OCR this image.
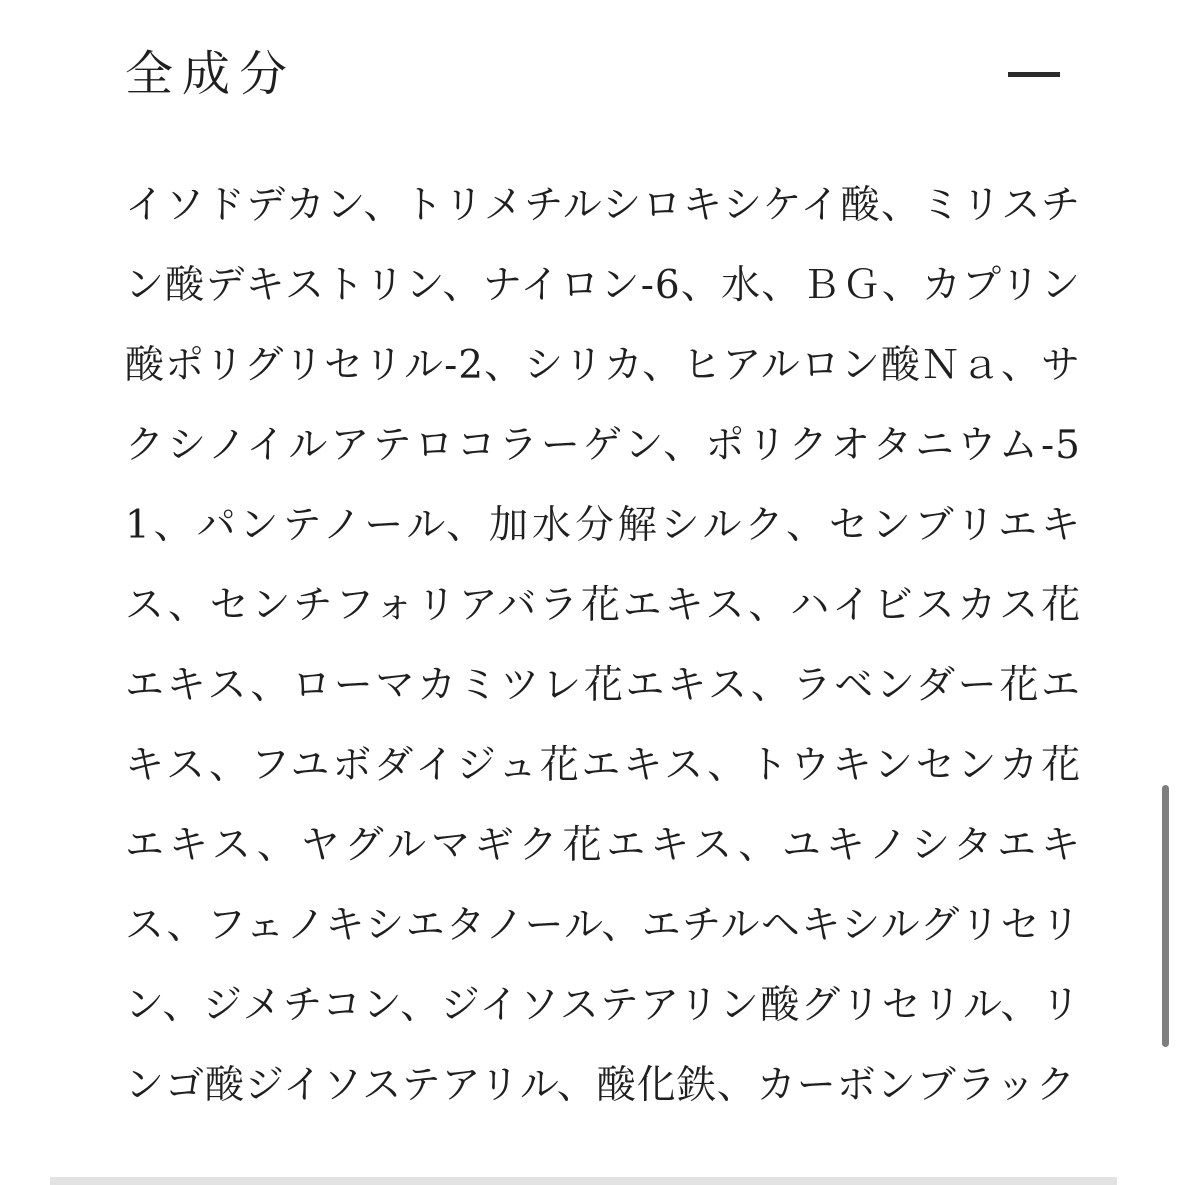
全成分

イソドデカン、トリメチルシロキシケイ酸、ミリスチン酸デキストリン、ナイロン-6、水、ＢＧ、カプリン酸ポリグリセリル-2、シリカ、ヒアルロン酸Ｎａ、サクシノイルアテロコラーゲン、ポリクオタニウム-51、パンテノール、加水分解シルク、センブリエキス、センチフォリアバラ花エキス、ハイビスカス花エキス、ローマカミツレ花エキス、ラベンダー花エキス、フユボダイジュ花エキス、トウキンセンカ花エキス、ヤグルマギク花エキス、ユキノシタエキス、フェノキシエタノール、エチルヘキシルグリセリン、ジメチコン、ジイソステアリン酸グリセリル、リンゴ酸ジイソステアリル、酸化鉄、カーボンブラック
